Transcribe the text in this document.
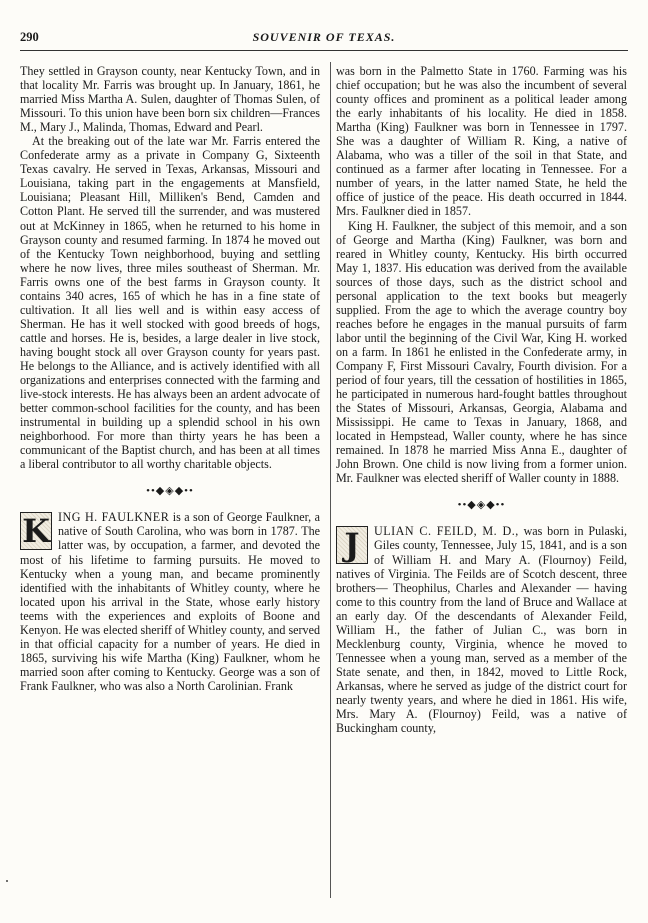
290	SOUVENIR OF TEXAS.

They settled in Grayson county, near Kentucky Town, and in that locality Mr. Farris was brought up. In January, 1861, he married Miss Martha A. Sulen, daughter of Thomas Sulen, of Missouri. To this union have been born six children—Frances M., Mary J., Malinda, Thomas, Edward and Pearl.

At the breaking out of the late war Mr. Farris entered the Confederate army as a private in Company G, Sixteenth Texas cavalry. He served in Texas, Arkansas, Missouri and Louisiana, taking part in the engagements at Mansfield, Louisiana; Pleasant Hill, Milliken's Bend, Camden and Cotton Plant. He served till the surrender, and was mustered out at McKinney in 1865, when he returned to his home in Grayson county and resumed farming. In 1874 he moved out of the Kentucky Town neighborhood, buying and settling where he now lives, three miles southeast of Sherman. Mr. Farris owns one of the best farms in Grayson county. It contains 340 acres, 165 of which he has in a fine state of cultivation. It all lies well and is within easy access of Sherman. He has it well stocked with good breeds of hogs, cattle and horses. He is, besides, a large dealer in live stock, having bought stock all over Grayson county for years past. He belongs to the Alliance, and is actively identified with all organizations and enterprises connected with the farming and live-stock interests. He has always been an ardent advocate of better common-school facilities for the county, and has been instrumental in building up a splendid school in his own neighborhood. For more than thirty years he has been a communicant of the Baptist church, and has been at all times a liberal contributor to all worthy charitable objects.

••◆◈◆••
K ING H. FAULKNER is a son of George Faulkner, a native of South Carolina, who was born in 1787. The latter was, by occupation, a farmer, and devoted the most of his lifetime to farming pursuits. He moved to Kentucky when a young man, and became prominently identified with the inhabitants of Whitley county, where he located upon his arrival in the State, whose early history teems with the experiences and exploits of Boone and Kenyon. He was elected sheriff of Whitley county, and served in that official capacity for a number of years. He died in 1865, surviving his wife Martha (King) Faulkner, whom he married soon after coming to Kentucky. George was a son of Frank Faulkner, who was also a North Carolinian. Frank

was born in the Palmetto State in 1760. Farming was his chief occupation; but he was also the incumbent of several county offices and prominent as a political leader among the early inhabitants of his locality. He died in 1858. Martha (King) Faulkner was born in Tennessee in 1797. She was a daughter of William R. King, a native of Alabama, who was a tiller of the soil in that State, and continued as a farmer after locating in Tennessee. For a number of years, in the latter named State, he held the office of justice of the peace. His death occurred in 1844. Mrs. Faulkner died in 1857.

King H. Faulkner, the subject of this memoir, and a son of George and Martha (King) Faulkner, was born and reared in Whitley county, Kentucky. His birth occurred May 1, 1837. His education was derived from the available sources of those days, such as the district school and personal application to the text books but meagerly supplied. From the age to which the average country boy reaches before he engages in the manual pursuits of farm labor until the beginning of the Civil War, King H. worked on a farm. In 1861 he enlisted in the Confederate army, in Company F, First Missouri Cavalry, Fourth division. For a period of four years, till the cessation of hostilities in 1865, he participated in numerous hard-fought battles throughout the States of Missouri, Arkansas, Georgia, Alabama and Mississippi. He came to Texas in January, 1868, and located in Hempstead, Waller county, where he has since remained. In 1878 he married Miss Anna E., daughter of John Brown. One child is now living from a former union. Mr. Faulkner was elected sheriff of Waller county in 1888.

••◆◈◆••
J	ULIAN C. FEILD, M. D., was born in Pulaski, Giles county, Tennessee, July 15, 1841, and is a son of William H. and Mary A. (Flournoy) Feild, natives of Virginia. The Feilds are of Scotch descent, three brothers— Theophilus, Charles and Alexander — having come to this country from the land of Bruce and Wallace at an early day. Of the descendants of Alexander Feild, William H., the father of Julian C., was born in Mecklenburg county, Virginia, whence he moved to Tennessee when a young man, served as a member of the State senate, and then, in 1842, moved to Little Rock, Arkansas, where he served as judge of the district court for nearly twenty years, and where he died in 1861. His wife, Mrs. Mary A. (Flournoy) Feild, was a native of Buckingham county,
